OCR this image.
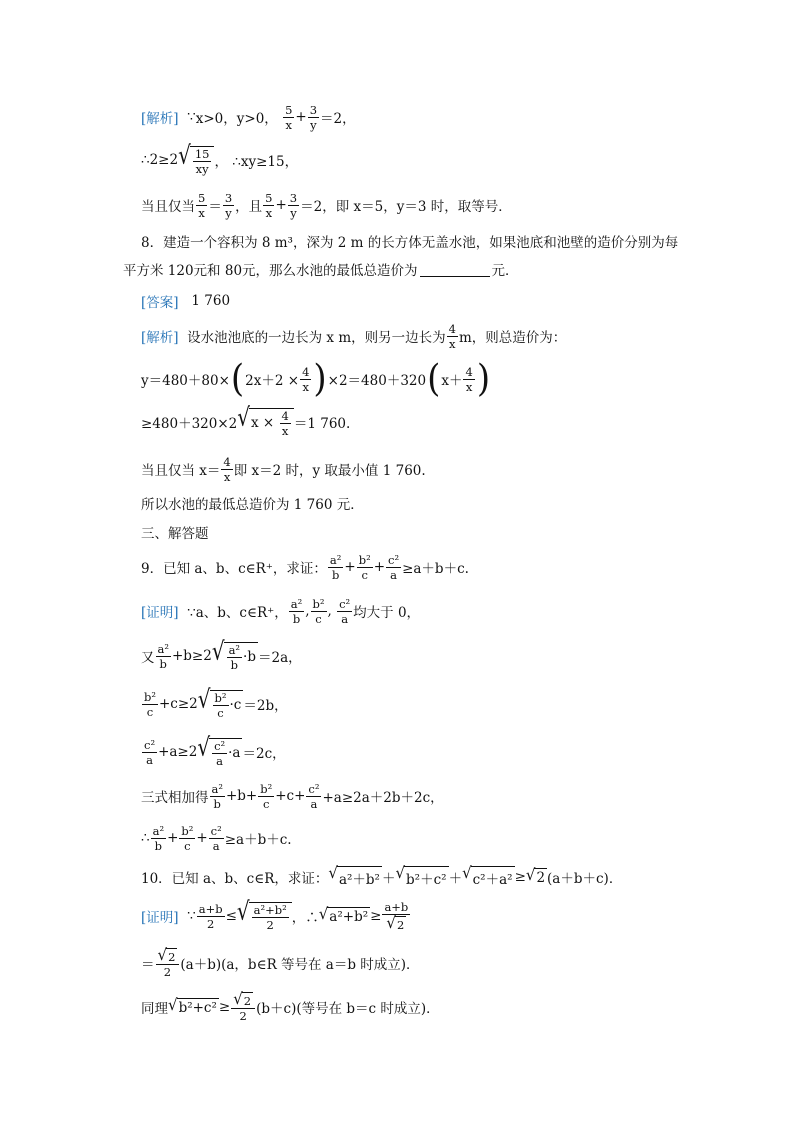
[解析]
∵ x>0， y>0，

5
$x + \frac{3}{y} =2$，
∴2≥2 √ 15
xy ，
∴xy≥15，
当且仅当
5
x ＝
3
y ，且
5
$x + \frac{3}{y} =2$，即 x＝5，y＝3 时，取等号．
8．建造一个容积为 8 m³，深为 2 m 的长方体无盖水池，如果池底和池壁的造价分别为每
平方米 120元和 80元，那么水池的最低总造价为	元．
[答案]
1 760
[解析]
设水池池底的一边长为 x m，则另一边长为
4
x m，则总造价为：
y＝480＋80× ( $2x+2 \times \frac{4}{x}$ ) ×2＝480＋320 ( x＋
4
x )
≥480＋320×2 √ x ×
$\frac{4}{x} =1$ 760.
当且仅当 x＝
4
x 即 x＝2 时，y 取最小值 1 760.
所以水池的最低总造价为 1 760 元．
三、解答题
9．已知 a、b、c∈R⁺，求证：
a²
$b + \frac{\text{b²}}{c} + \frac{\text{c²}}{a} \ge a+b+c$.
[证明]
∵a、b、c∈R⁺，
a²
b , b²
c ,
c²
a 均大于 0，
又
a²
b +b≥2 √ a²
b ·b ＝2a，
b²
c +c≥2 √ b²
c ·c ＝2b，
c²
a +a≥2 √ c²
a ·a ＝2c，
三式相加得
a²
$b +b+ \frac{\text{b²}}{c} +c+ \frac{\text{c²}}{a} +a\ge 2a+2b+2c$，
∴ a²
$b + \frac{\text{b²}}{c} + \frac{\text{c²}}{a} \ge a+b+c$.
10．已知 a、b、c∈R，求证： √ a²＋b² ＋ √ b²＋c² ＋ √ c²＋a² ≥ √ 2 (a＋b＋c)．
[证明]
∵ $\frac{a+b}{2}$ ≤ √ a²+b²
2 ，∴ √ $a^2+b^2 \ge \frac{a+b}{√ 2}$
＝
√ 2
2 (a＋b)(a，b∈R 等号在 a＝b 时成立)．
同理 √ $b^2+c^2 \ge \frac{√ 2}{2} (b+c)$(等号在 b＝c 时成立)．
